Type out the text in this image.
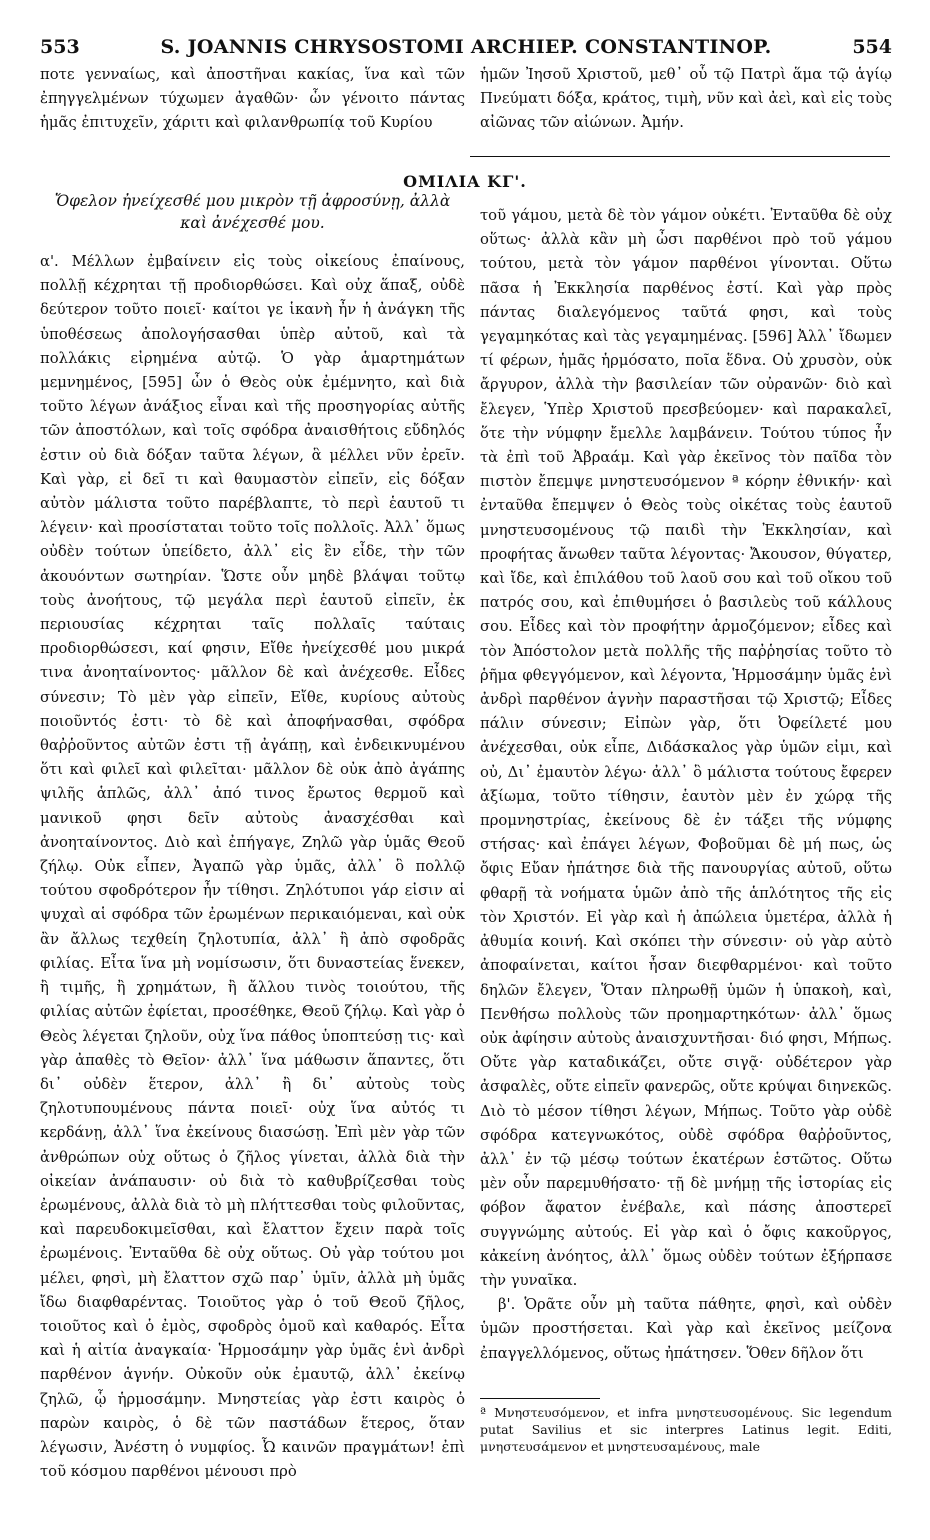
553	S. JOANNIS CHRYSOSTOMI ARCHIEP. CONSTANTINOP.	554

ποτε γενναίως, καὶ ἀποστῆναι κακίας, ἵνα καὶ τῶν ἐπηγγελμένων τύχωμεν ἀγαθῶν· ὧν γένοιτο πάντας ἡμᾶς ἐπιτυχεῖν, χάριτι καὶ φιλανθρωπίᾳ τοῦ Κυρίου

ἡμῶν Ἰησοῦ Χριστοῦ, μεθ᾽ οὗ τῷ Πατρὶ ἅμα τῷ ἁγίῳ Πνεύματι δόξα, κράτος, τιμὴ, νῦν καὶ ἀεὶ, καὶ εἰς τοὺς αἰῶνας τῶν αἰώνων. Ἀμήν.

ΟΜΙΛΙΑ ΚΓ'.
Ὄφελον ἠνείχεσθέ μου μικρὸν τῇ ἀφροσύνῃ, ἀλλὰ καὶ ἀνέχεσθέ μου.

α'. Μέλλων ἐμβαίνειν εἰς τοὺς οἰκείους ἐπαίνους, πολλῇ κέχρηται τῇ προδιορθώσει. Καὶ οὐχ ἅπαξ, οὐδὲ δεύτερον τοῦτο ποιεῖ· καίτοι γε ἱκανὴ ἦν ἡ ἀνάγκη τῆς ὑποθέσεως ἀπολογήσασθαι ὑπὲρ αὐτοῦ, καὶ τὰ πολλάκις εἰρημένα αὐτῷ. Ὁ γὰρ ἁμαρτημάτων μεμνημένος, [595] ὧν ὁ Θεὸς οὐκ ἐμέμνητο, καὶ διὰ τοῦτο λέγων ἀνάξιος εἶναι καὶ τῆς προσηγορίας αὐτῆς τῶν ἀποστόλων, καὶ τοῖς σφόδρα ἀναισθήτοις εὔδηλός ἐστιν οὐ διὰ δόξαν ταῦτα λέγων, ἃ μέλλει νῦν ἐρεῖν. Καὶ γὰρ, εἰ δεῖ τι καὶ θαυμαστὸν εἰπεῖν, εἰς δόξαν αὐτὸν μάλιστα τοῦτο παρέβλαπτε, τὸ περὶ ἑαυτοῦ τι λέγειν· καὶ προσίσταται τοῦτο τοῖς πολλοῖς. Ἀλλ᾽ ὅμως οὐδὲν τούτων ὑπείδετο, ἀλλ᾽ εἰς ἓν εἶδε, τὴν τῶν ἀκουόντων σωτηρίαν. Ὥστε οὖν μηδὲ βλάψαι τοῦτῳ τοὺς ἀνοήτους, τῷ μεγάλα περὶ ἑαυτοῦ εἰπεῖν, ἐκ περιουσίας κέχρηται ταῖς πολλαῖς ταύταις προδιορθώσεσι, καί φησιν, Εἴθε ἠνείχεσθέ μου μικρά τινα ἀνοηταίνοντος· μᾶλλον δὲ καὶ ἀνέχεσθε. Εἶδες σύνεσιν; Τὸ μὲν γὰρ εἰπεῖν, Εἴθε, κυρίους αὐτοὺς ποιοῦντός ἐστι· τὸ δὲ καὶ ἀποφήνασθαι, σφόδρα θαῤῥοῦντος αὐτῶν ἐστι τῇ ἀγάπῃ, καὶ ἐνδεικνυμένου ὅτι καὶ φιλεῖ καὶ φιλεῖται· μᾶλλον δὲ οὐκ ἀπὸ ἀγάπης ψιλῆς ἁπλῶς, ἀλλ᾽ ἀπό τινος ἔρωτος θερμοῦ καὶ μανικοῦ φησι δεῖν αὐτοὺς ἀνασχέσθαι καὶ ἀνοηταίνοντος. Διὸ καὶ ἐπήγαγε, Ζηλῶ γὰρ ὑμᾶς Θεοῦ ζήλῳ. Οὐκ εἶπεν, Ἀγαπῶ γὰρ ὑμᾶς, ἀλλ᾽ ὃ πολλῷ τούτου σφοδρότερον ἦν τίθησι. Ζηλότυποι γάρ εἰσιν αἱ ψυχαὶ αἱ σφόδρα τῶν ἐρωμένων περικαιόμεναι, καὶ οὐκ ἂν ἄλλως τεχθείη ζηλοτυπία, ἀλλ᾽ ἢ ἀπὸ σφοδρᾶς φιλίας. Εἶτα ἵνα μὴ νομίσωσιν, ὅτι δυναστείας ἕνεκεν, ἢ τιμῆς, ἢ χρημάτων, ἢ ἄλλου τινὸς τοιούτου, τῆς φιλίας αὐτῶν ἐφίεται, προσέθηκε, Θεοῦ ζήλῳ. Καὶ γὰρ ὁ Θεὸς λέγεται ζηλοῦν, οὐχ ἵνα πάθος ὑποπτεύσῃ τις· καὶ γὰρ ἀπαθὲς τὸ Θεῖον· ἀλλ᾽ ἵνα μάθωσιν ἅπαντες, ὅτι δι᾽ οὐδὲν ἕτερον, ἀλλ᾽ ἢ δι᾽ αὐτοὺς τοὺς ζηλοτυπουμένους πάντα ποιεῖ· οὐχ ἵνα αὐτός τι κερδάνῃ, ἀλλ᾽ ἵνα ἐκείνους διασώσῃ. Ἐπὶ μὲν γὰρ τῶν ἀνθρώπων οὐχ οὕτως ὁ ζῆλος γίνεται, ἀλλὰ διὰ τὴν οἰκείαν ἀνάπαυσιν· οὐ διὰ τὸ καθυβρίζεσθαι τοὺς ἐρωμένους, ἀλλὰ διὰ τὸ μὴ πλήττεσθαι τοὺς φιλοῦντας, καὶ παρευδοκιμεῖσθαι, καὶ ἔλαττον ἔχειν παρὰ τοῖς ἐρωμένοις. Ἐνταῦθα δὲ οὐχ οὕτως. Οὐ γὰρ τούτου μοι μέλει, φησὶ, μὴ ἔλαττον σχῶ παρ᾽ ὑμῖν, ἀλλὰ μὴ ὑμᾶς ἴδω διαφθαρέντας. Τοιοῦτος γὰρ ὁ τοῦ Θεοῦ ζῆλος, τοιοῦτος καὶ ὁ ἐμὸς, σφοδρὸς ὁμοῦ καὶ καθαρός. Εἶτα καὶ ἡ αἰτία ἀναγκαία· Ἡρμοσάμην γὰρ ὑμᾶς ἑνὶ ἀνδρὶ παρθένον ἁγνήν. Οὐκοῦν οὐκ ἐμαυτῷ, ἀλλ᾽ ἐκείνῳ ζηλῶ, ᾧ ἡρμοσάμην. Μνηστείας γὰρ ἐστι καιρὸς ὁ παρὼν καιρὸς, ὁ δὲ τῶν παστάδων ἕτερος, ὅταν λέγωσιν, Ἀνέστη ὁ νυμφίος. Ὦ καινῶν πραγμάτων! ἐπὶ τοῦ κόσμου παρθένοι μένουσι πρὸ

τοῦ γάμου, μετὰ δὲ τὸν γάμον οὐκέτι. Ἐνταῦθα δὲ οὐχ οὕτως· ἀλλὰ κἂν μὴ ὦσι παρθένοι πρὸ τοῦ γάμου τούτου, μετὰ τὸν γάμον παρθένοι γίνονται. Οὕτω πᾶσα ἡ Ἐκκλησία παρθένος ἐστί. Καὶ γὰρ πρὸς πάντας διαλεγόμενος ταῦτά φησι, καὶ τοὺς γεγαμηκότας καὶ τὰς γεγαμημένας. [596] Ἀλλ᾽ ἴδωμεν τί φέρων, ἡμᾶς ἡρμόσατο, ποῖα ἕδνα. Οὐ χρυσὸν, οὐκ ἄργυρον, ἀλλὰ τὴν βασιλείαν τῶν οὐρανῶν· διὸ καὶ ἔλεγεν, Ὑπὲρ Χριστοῦ πρεσβεύομεν· καὶ παρακαλεῖ, ὅτε τὴν νύμφην ἔμελλε λαμβάνειν. Τούτου τύπος ἦν τὰ ἐπὶ τοῦ Ἀβραάμ. Καὶ γὰρ ἐκεῖνος τὸν παῖδα τὸν πιστὸν ἔπεμψε μνηστευσόμενον ª κόρην ἐθνικήν· καὶ ἐνταῦθα ἔπεμψεν ὁ Θεὸς τοὺς οἰκέτας τοὺς ἑαυτοῦ μνηστευσομένους τῷ παιδὶ τὴν Ἐκκλησίαν, καὶ προφήτας ἄνωθεν ταῦτα λέγοντας· Ἄκουσον, θύγατερ, καὶ ἴδε, καὶ ἐπιλάθου τοῦ λαοῦ σου καὶ τοῦ οἴκου τοῦ πατρός σου, καὶ ἐπιθυμήσει ὁ βασιλεὺς τοῦ κάλλους σου. Εἶδες καὶ τὸν προφήτην ἁρμοζόμενον; εἶδες καὶ τὸν Ἀπόστολον μετὰ πολλῆς τῆς παῤῥησίας τοῦτο τὸ ῥῆμα φθεγγόμενον, καὶ λέγοντα, Ἡρμοσάμην ὑμᾶς ἑνὶ ἀνδρὶ παρθένον ἁγνὴν παραστῆσαι τῷ Χριστῷ; Εἶδες πάλιν σύνεσιν; Εἰπὼν γὰρ, ὅτι Ὀφείλετέ μου ἀνέχεσθαι, οὐκ εἶπε, Διδάσκαλος γὰρ ὑμῶν εἰμι, καὶ οὐ, Δι᾽ ἐμαυτὸν λέγω· ἀλλ᾽ ὃ μάλιστα τούτους ἔφερεν ἀξίωμα, τοῦτο τίθησιν, ἑαυτὸν μὲν ἐν χώρᾳ τῆς προμνηστρίας, ἐκείνους δὲ ἐν τάξει τῆς νύμφης στήσας· καὶ ἐπάγει λέγων, Φοβοῦμαι δὲ μή πως, ὡς ὄφις Εὔαν ἠπάτησε διὰ τῆς πανουργίας αὐτοῦ, οὕτω φθαρῇ τὰ νοήματα ὑμῶν ἀπὸ τῆς ἁπλότητος τῆς εἰς τὸν Χριστόν. Εἰ γὰρ καὶ ἡ ἀπώλεια ὑμετέρα, ἀλλὰ ἡ ἀθυμία κοινή. Καὶ σκόπει τὴν σύνεσιν· οὐ γὰρ αὐτὸ ἀποφαίνεται, καίτοι ἦσαν διεφθαρμένοι· καὶ τοῦτο δηλῶν ἔλεγεν, Ὅταν πληρωθῇ ὑμῶν ἡ ὑπακοὴ, καὶ, Πενθήσω πολλοὺς τῶν προημαρτηκότων· ἀλλ᾽ ὅμως οὐκ ἀφίησιν αὐτοὺς ἀναισχυντῆσαι· διό φησι, Μήπως. Οὔτε γὰρ καταδικάζει, οὔτε σιγᾷ· οὐδέτερον γὰρ ἀσφαλὲς, οὔτε εἰπεῖν φανερῶς, οὔτε κρύψαι διηνεκῶς. Διὸ τὸ μέσον τίθησι λέγων, Μήπως. Τοῦτο γὰρ οὐδὲ σφόδρα κατεγνωκότος, οὐδὲ σφόδρα θαῤῥοῦντος, ἀλλ᾽ ἐν τῷ μέσῳ τούτων ἑκατέρων ἑστῶτος. Οὕτω μὲν οὖν παρεμυθήσατο· τῇ δὲ μνήμῃ τῆς ἱστορίας εἰς φόβον ἄφατον ἐνέβαλε, καὶ πάσης ἀποστερεῖ συγγνώμης αὐτούς. Εἰ γὰρ καὶ ὁ ὄφις κακοῦργος, κἀκείνη ἀνόητος, ἀλλ᾽ ὅμως οὐδὲν τούτων ἐξήρπασε τὴν γυναῖκα.

β'. Ὁρᾶτε οὖν μὴ ταῦτα πάθητε, φησὶ, καὶ οὐδὲν ὑμῶν προστήσεται. Καὶ γὰρ καὶ ἐκεῖνος μείζονα ἐπαγγελλόμενος, οὕτως ἠπάτησεν. Ὅθεν δῆλον ὅτι

ª Μνηστευσόμενον, et infra μνηστευσομένους. Sic legendum putat Savilius et sic interpres Latinus legit. Editi, μνηστευσάμενον et μνηστευσαμένους, male
